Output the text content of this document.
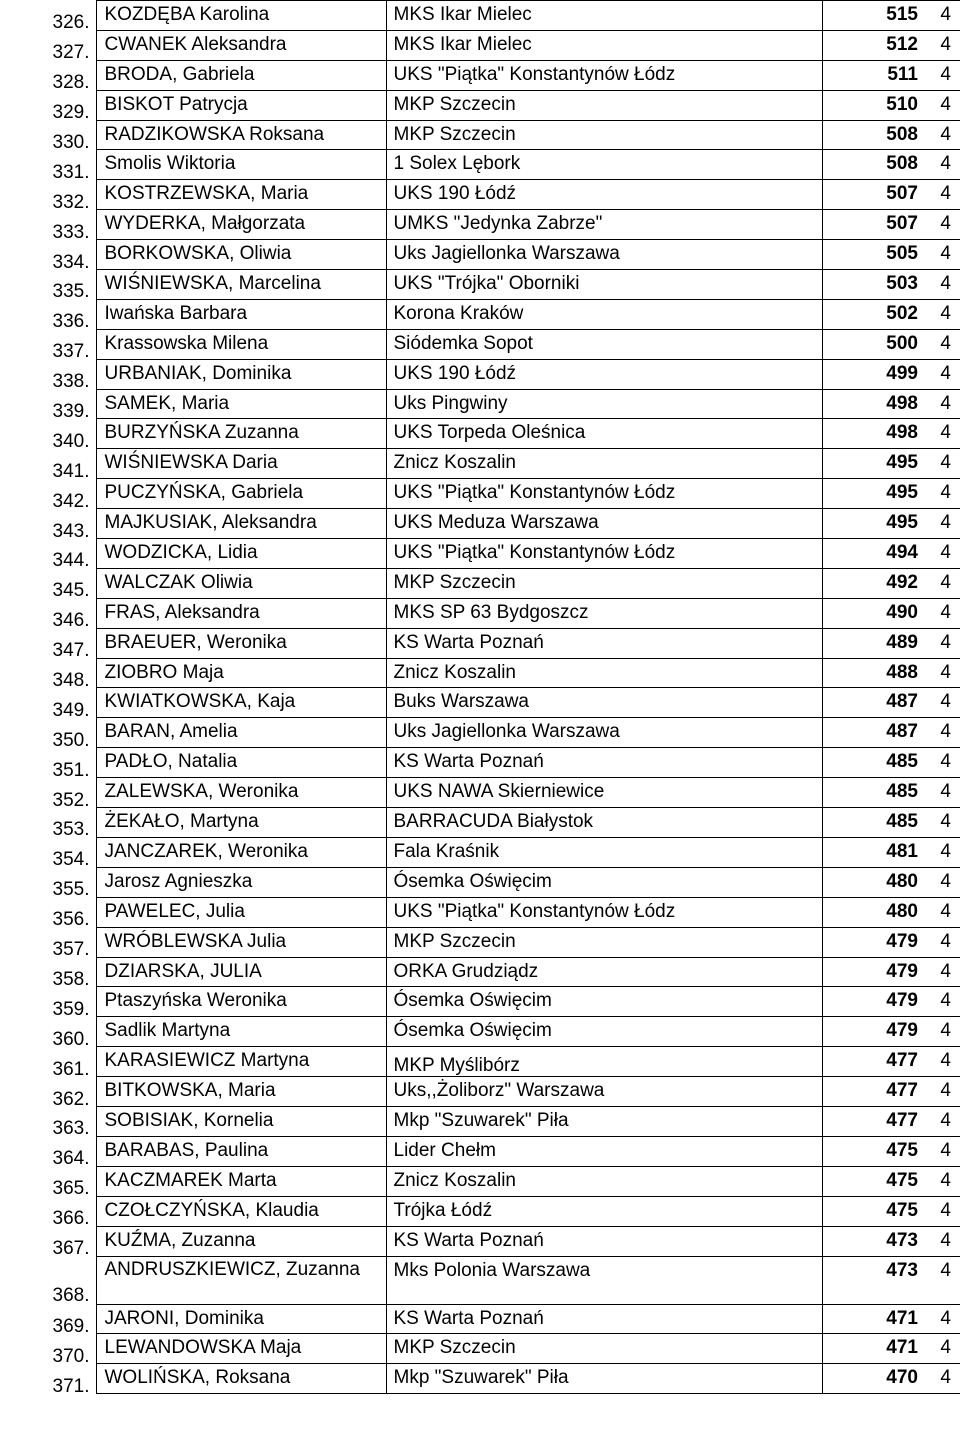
326.	KOZDĘBA Karolina	MKS Ikar Mielec	515	4
327.	CWANEK Aleksandra	MKS Ikar Mielec	512	4
328.	BRODA, Gabriela	UKS "Piątka" Konstantynów Łódz	511	4
329.	BISKOT Patrycja	MKP Szczecin	510	4
330.	RADZIKOWSKA Roksana	MKP Szczecin	508	4
331.	Smolis Wiktoria	1 Solex Lębork	508	4
332.	KOSTRZEWSKA, Maria	UKS 190 Łódź	507	4
333.	WYDERKA, Małgorzata	UMKS "Jedynka Zabrze"	507	4
334.	BORKOWSKA, Oliwia	Uks Jagiellonka Warszawa	505	4
335.	WIŚNIEWSKA, Marcelina	UKS "Trójka" Oborniki	503	4
336.	Iwańska Barbara	Korona Kraków	502	4
337.	Krassowska Milena	Siódemka Sopot	500	4
338.	URBANIAK, Dominika	UKS 190 Łódź	499	4
339.	SAMEK, Maria	Uks Pingwiny	498	4
340.	BURZYŃSKA Zuzanna	UKS Torpeda Oleśnica	498	4
341.	WIŚNIEWSKA Daria	Znicz Koszalin	495	4
342.	PUCZYŃSKA, Gabriela	UKS "Piątka" Konstantynów Łódz	495	4
343.	MAJKUSIAK, Aleksandra	UKS Meduza Warszawa	495	4
344.	WODZICKA, Lidia	UKS "Piątka" Konstantynów Łódz	494	4
345.	WALCZAK Oliwia	MKP Szczecin	492	4
346.	FRAS, Aleksandra	MKS SP 63 Bydgoszcz	490	4
347.	BRAEUER, Weronika	KS Warta Poznań	489	4
348.	ZIOBRO Maja	Znicz Koszalin	488	4
349.	KWIATKOWSKA, Kaja	Buks Warszawa	487	4
350.	BARAN, Amelia	Uks Jagiellonka Warszawa	487	4
351.	PADŁO, Natalia	KS Warta Poznań	485	4
352.	ZALEWSKA, Weronika	UKS NAWA Skierniewice	485	4
353.	ŻEKAŁO, Martyna	BARRACUDA Białystok	485	4
354.	JANCZAREK, Weronika	Fala Kraśnik	481	4
355.	Jarosz Agnieszka	Ósemka Oświęcim	480	4
356.	PAWELEC, Julia	UKS "Piątka" Konstantynów Łódz	480	4
357.	WRÓBLEWSKA Julia	MKP Szczecin	479	4
358.	DZIARSKA, JULIA	ORKA Grudziądz	479	4
359.	Ptaszyńska Weronika	Ósemka Oświęcim	479	4
360.	Sadlik Martyna	Ósemka Oświęcim	479	4
361.	KARASIEWICZ Martyna	MKP Myślibórz	477	4
362.	BITKOWSKA, Maria	Uks,,Żoliborz" Warszawa	477	4
363.	SOBISIAK, Kornelia	Mkp "Szuwarek" Piła	477	4
364.	BARABAS, Paulina	Lider Chełm	475	4
365.	KACZMAREK Marta	Znicz Koszalin	475	4
366.	CZOŁCZYŃSKA, Klaudia	Trójka Łódź	475	4
367.	KUŹMA, Zuzanna	KS Warta Poznań	473	4
368.	ANDRUSZKIEWICZ, Zuzanna	Mks Polonia Warszawa	473	4
369.	JARONI, Dominika	KS Warta Poznań	471	4
370.	LEWANDOWSKA Maja	MKP Szczecin	471	4
371.	WOLIŃSKA, Roksana	Mkp "Szuwarek" Piła	470	4
